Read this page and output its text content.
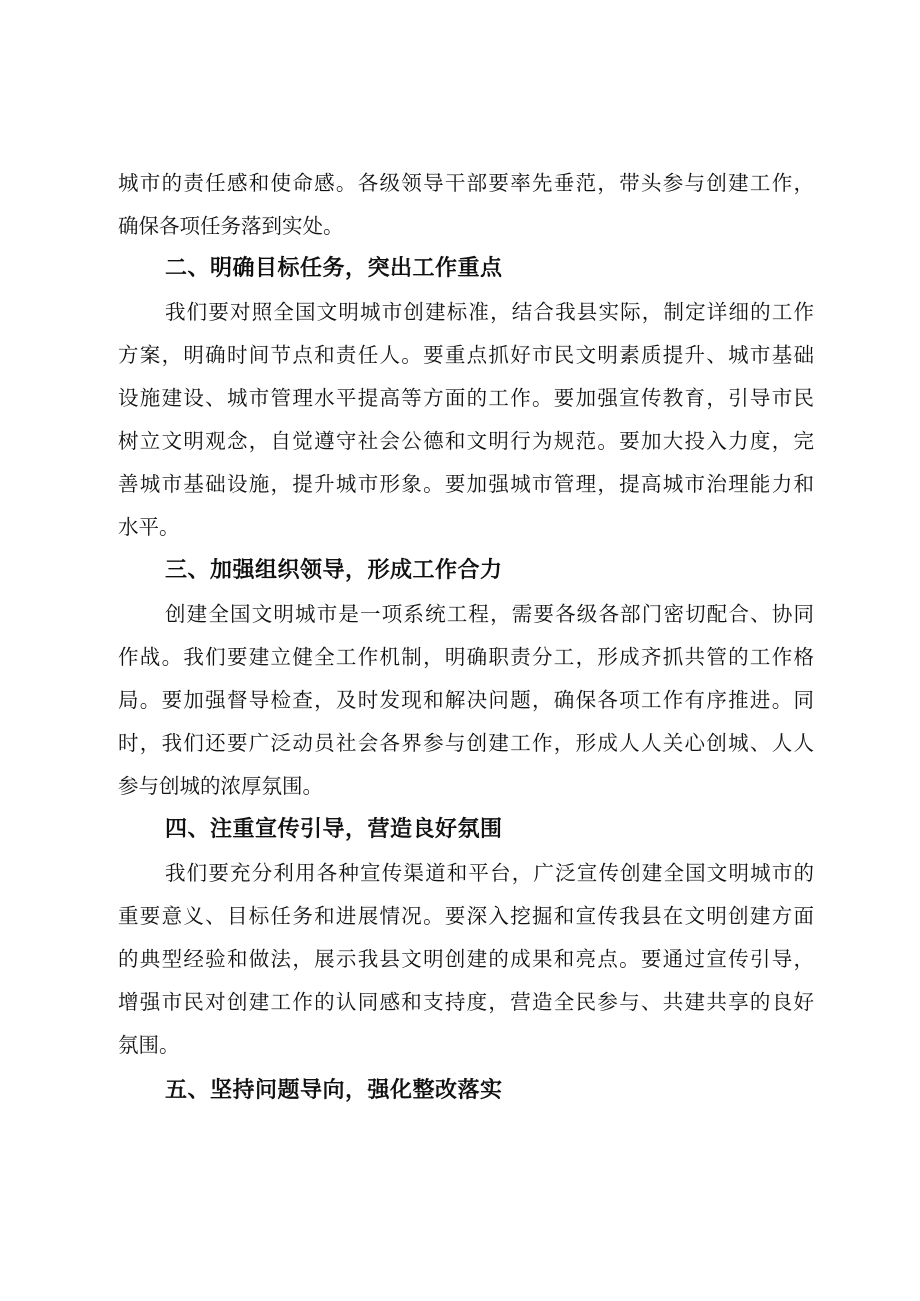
城市的责任感和使命感。各级领导干部要率先垂范，带头参与创建工作，
确保各项任务落到实处。
二、明确目标任务，突出工作重点
我们要对照全国文明城市创建标准，结合我县实际，制定详细的工作
方案，明确时间节点和责任人。要重点抓好市民文明素质提升、城市基础
设施建设、城市管理水平提高等方面的工作。要加强宣传教育，引导市民
树立文明观念，自觉遵守社会公德和文明行为规范。要加大投入力度，完
善城市基础设施，提升城市形象。要加强城市管理，提高城市治理能力和
水平。
三、加强组织领导，形成工作合力
创建全国文明城市是一项系统工程，需要各级各部门密切配合、协同
作战。我们要建立健全工作机制，明确职责分工，形成齐抓共管的工作格
局。要加强督导检查，及时发现和解决问题，确保各项工作有序推进。同
时，我们还要广泛动员社会各界参与创建工作，形成人人关心创城、人人
参与创城的浓厚氛围。
四、注重宣传引导，营造良好氛围
我们要充分利用各种宣传渠道和平台，广泛宣传创建全国文明城市的
重要意义、目标任务和进展情况。要深入挖掘和宣传我县在文明创建方面
的典型经验和做法，展示我县文明创建的成果和亮点。要通过宣传引导，
增强市民对创建工作的认同感和支持度，营造全民参与、共建共享的良好
氛围。
五、坚持问题导向，强化整改落实
